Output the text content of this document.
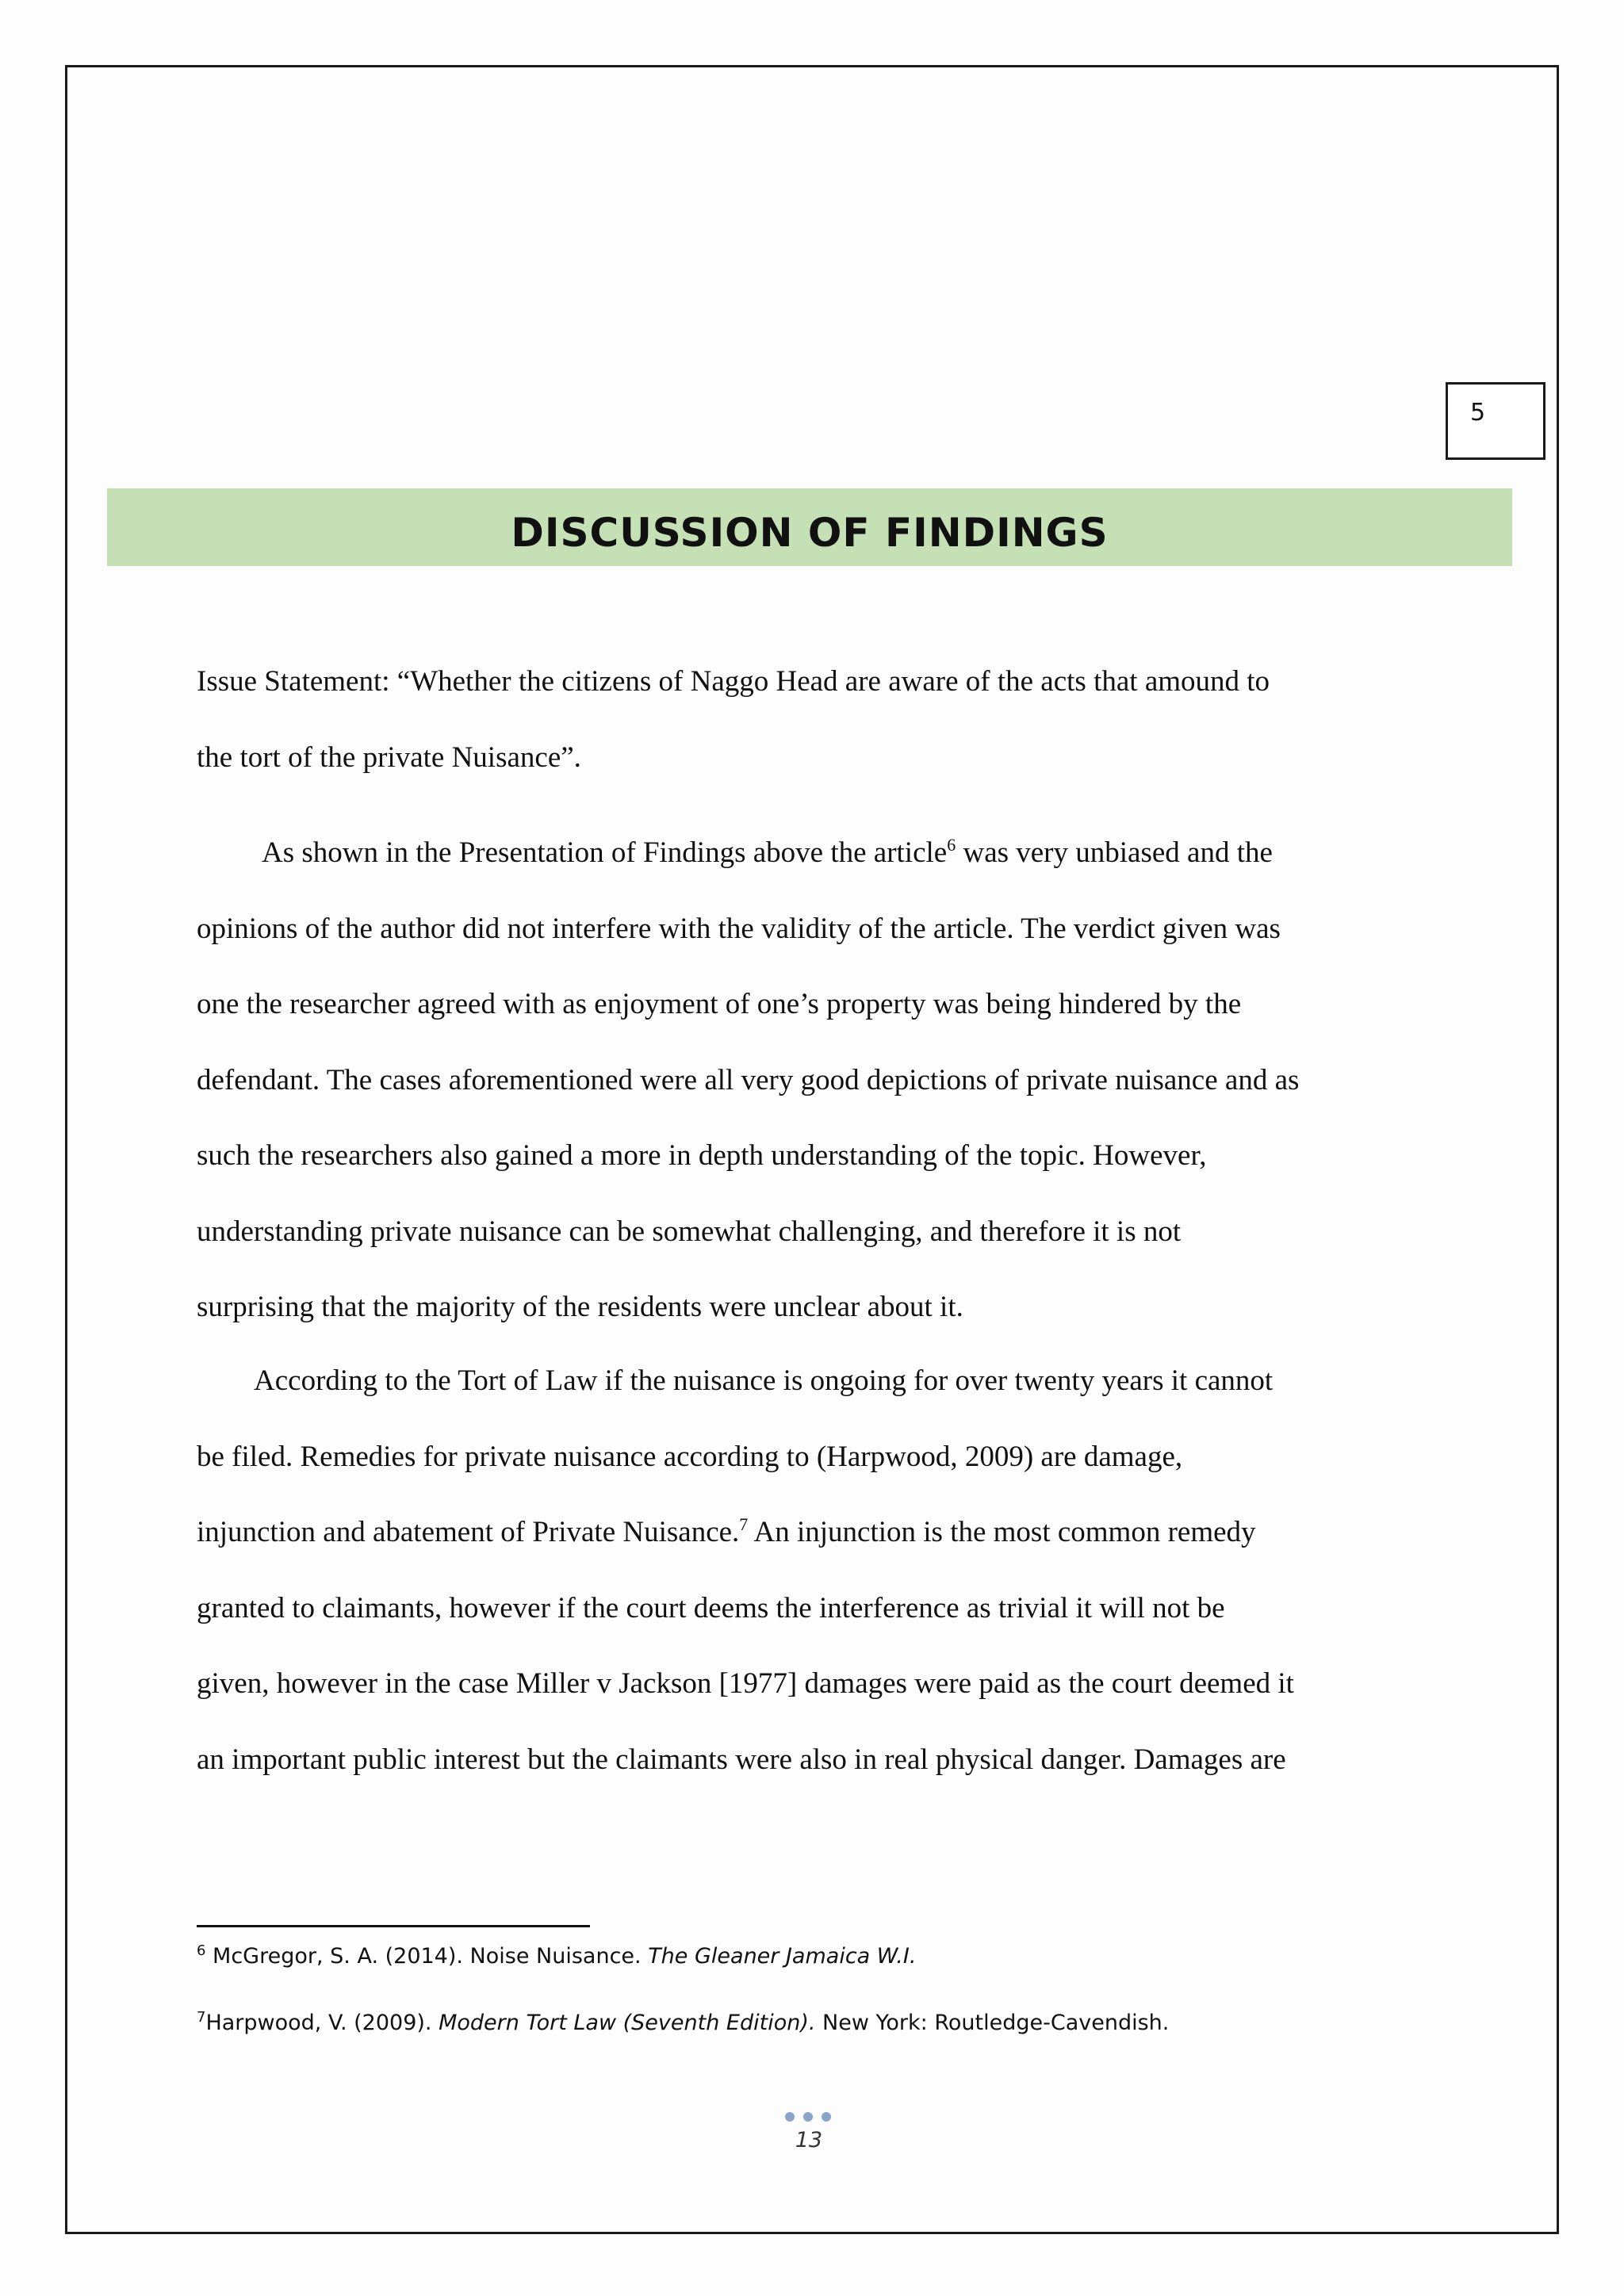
5
DISCUSSION OF FINDINGS
Issue Statement: “Whether the citizens of Naggo Head are aware of the acts that amound to
the tort of the private Nuisance”.
As shown in the Presentation of Findings above the article$^6$ was very unbiased and the
opinions of the author did not interfere with the validity of the article. The verdict given was
one the researcher agreed with as enjoyment of one’s property was being hindered by the
defendant. The cases aforementioned were all very good depictions of private nuisance and as
such the researchers also gained a more in depth understanding of the topic. However,
understanding private nuisance can be somewhat challenging, and therefore it is not
surprising that the majority of the residents were unclear about it.
According to the Tort of Law if the nuisance is ongoing for over twenty years it cannot
be filed. Remedies for private nuisance according to (Harpwood, 2009) are damage,
injunction and abatement of Private Nuisance.$^7$ An injunction is the most common remedy
granted to claimants, however if the court deems the interference as trivial it will not be
given, however in the case Miller v Jackson [1977] damages were paid as the court deemed it
an important public interest but the claimants were also in real physical danger. Damages are
$^6$ McGregor, S. A. (2014). Noise Nuisance. The Gleaner Jamaica W.I.
$^7$Harpwood, V. (2009). Modern Tort Law (Seventh Edition). New York: Routledge-Cavendish.
13
